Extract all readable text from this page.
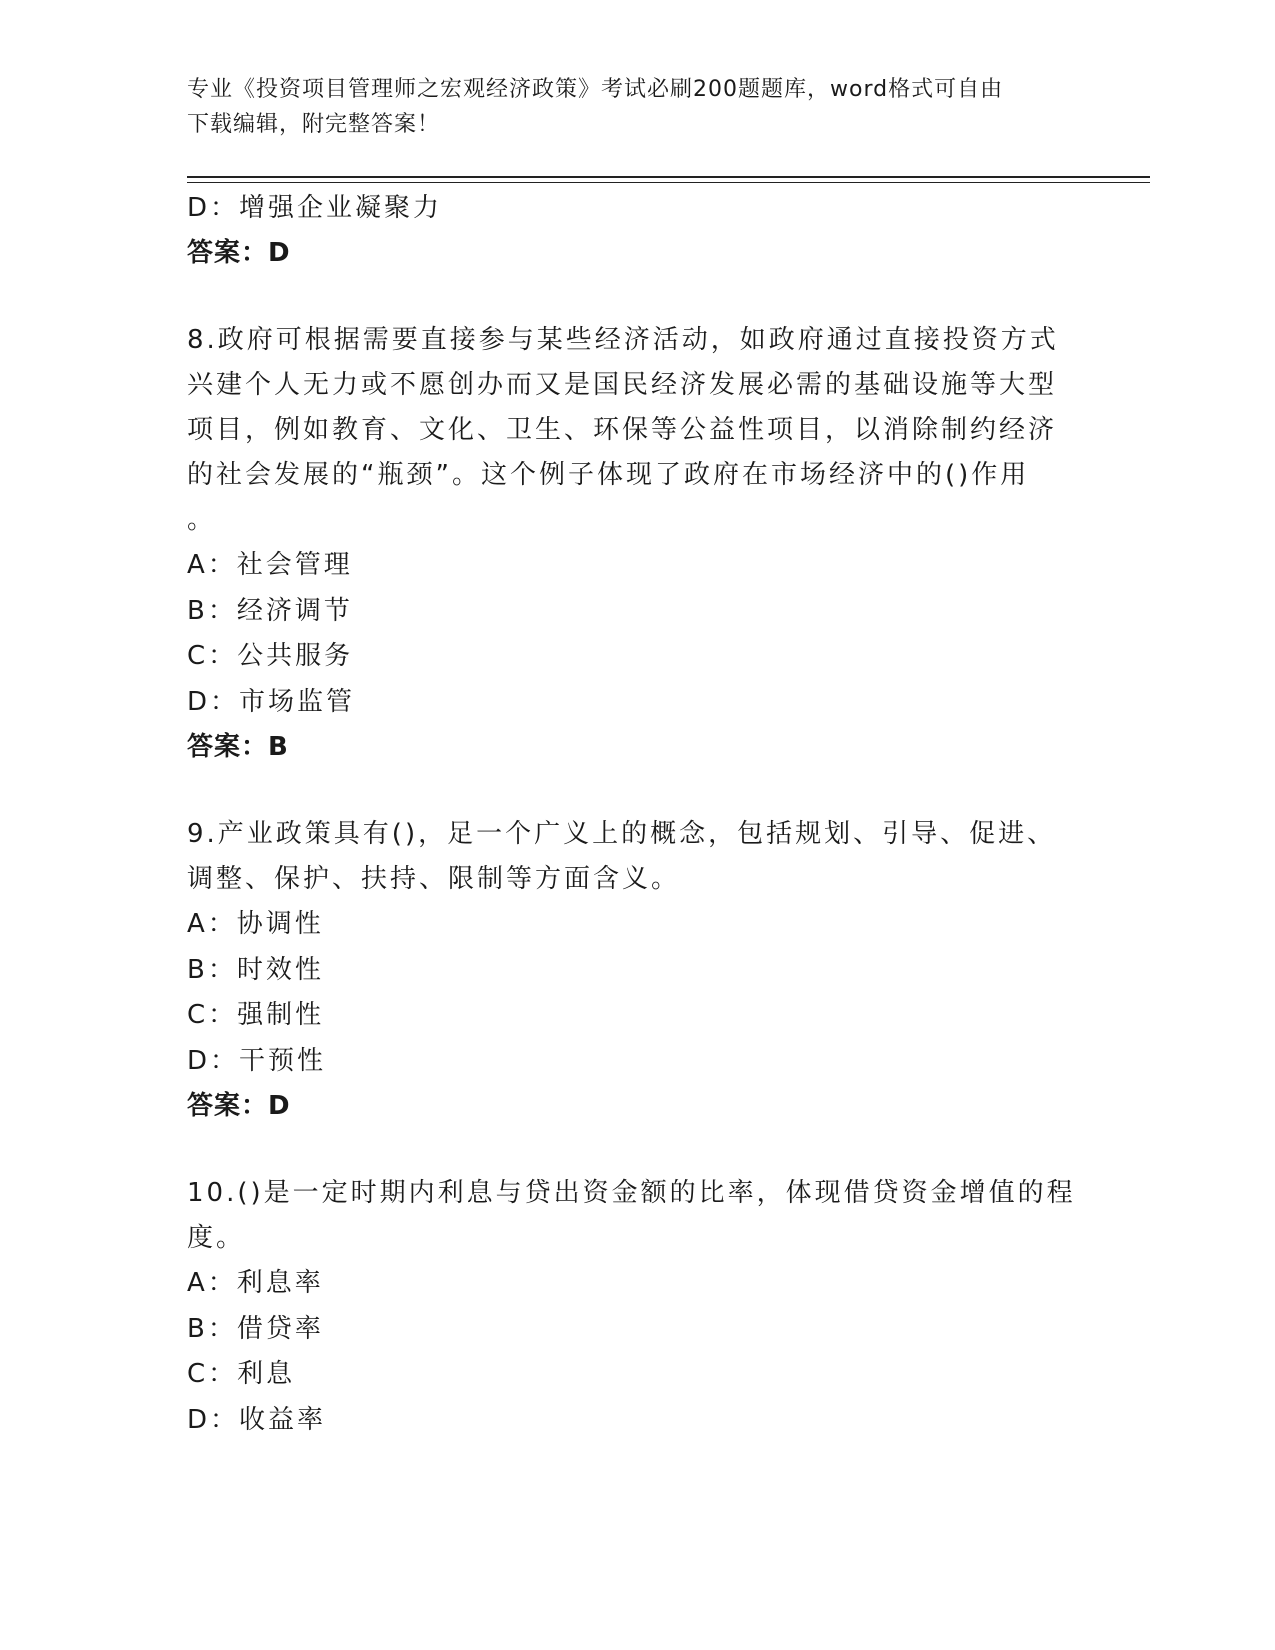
专业《投资项目管理师之宏观经济政策》考试必刷200题题库，word格式可自由
下载编辑，附完整答案！
D：增强企业凝聚力
答案：D
8.政府可根据需要直接参与某些经济活动，如政府通过直接投资方式
兴建个人无力或不愿创办而又是国民经济发展必需的基础设施等大型
项目，例如教育、文化、卫生、环保等公益性项目，以消除制约经济
的社会发展的“瓶颈”。这个例子体现了政府在市场经济中的()作用
。
A：社会管理
B：经济调节
C：公共服务
D：市场监管
答案：B
9.产业政策具有()，足一个广义上的概念，包括规划、引导、促进、
调整、保护、扶持、限制等方面含义。
A：协调性
B：时效性
C：强制性
D：干预性
答案：D
10.()是一定时期内利息与贷出资金额的比率，体现借贷资金增值的程
度。
A：利息率
B：借贷率
C：利息
D：收益率
